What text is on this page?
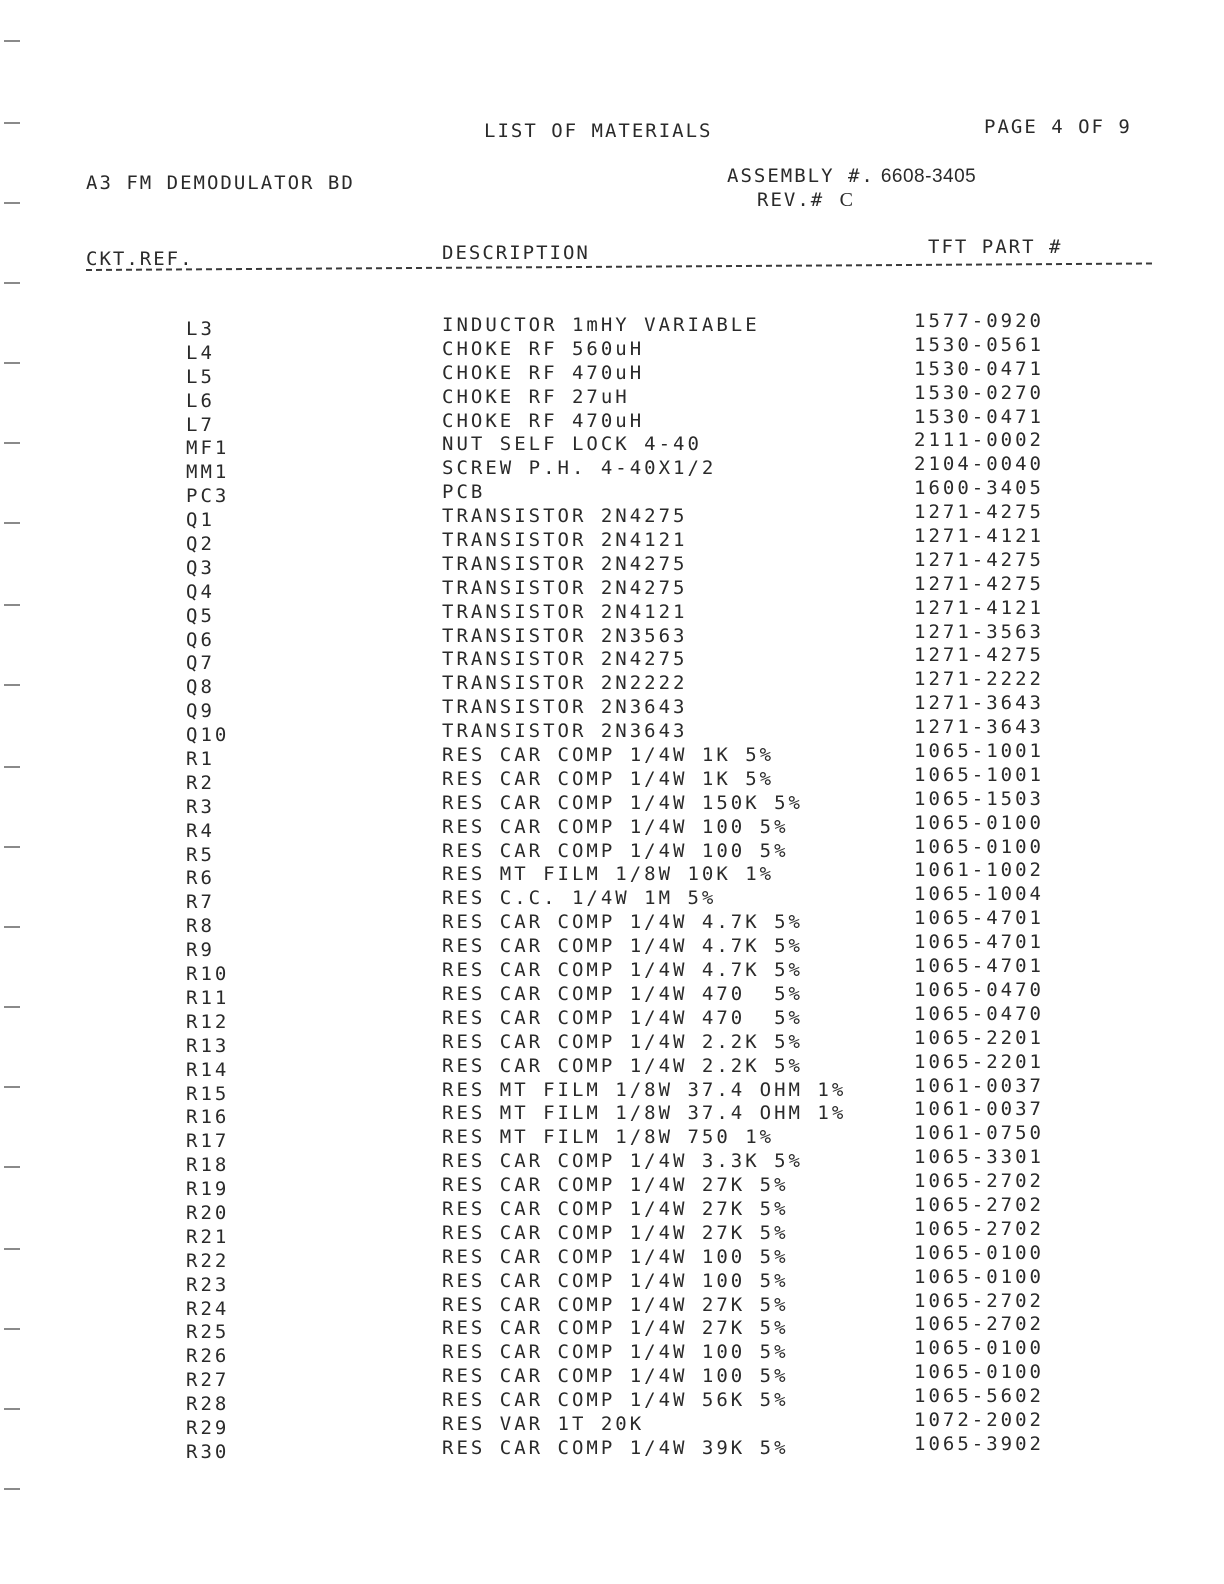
LIST OF MATERIALS	PAGE 4 OF 9
A3 FM DEMODULATOR BD	ASSEMBLY #. 6608-3405
REV.# C
CKT.REF.	DESCRIPTION	TFT PART #
L3	INDUCTOR 1mHY VARIABLE	1577-0920
L4	CHOKE RF 560uH	1530-0561
L5	CHOKE RF 470uH	1530-0471
L6	CHOKE RF 27uH	1530-0270
L7	CHOKE RF 470uH	1530-0471
MF1	NUT SELF LOCK 4-40	2111-0002
MM1	SCREW P.H. 4-40X1/2	2104-0040
PC3	PCB	1600-3405
Q1	TRANSISTOR 2N4275	1271-4275
Q2	TRANSISTOR 2N4121	1271-4121
Q3	TRANSISTOR 2N4275	1271-4275
Q4	TRANSISTOR 2N4275	1271-4275
Q5	TRANSISTOR 2N4121	1271-4121
Q6	TRANSISTOR 2N3563	1271-3563
Q7	TRANSISTOR 2N4275	1271-4275
Q8	TRANSISTOR 2N2222	1271-2222
Q9	TRANSISTOR 2N3643	1271-3643
Q10	TRANSISTOR 2N3643	1271-3643
R1	RES CAR COMP 1/4W 1K 5%	1065-1001
R2	RES CAR COMP 1/4W 1K 5%	1065-1001
R3	RES CAR COMP 1/4W 150K 5%	1065-1503
R4	RES CAR COMP 1/4W 100 5%	1065-0100
R5	RES CAR COMP 1/4W 100 5%	1065-0100
R6	RES MT FILM 1/8W 10K 1%	1061-1002
R7	RES C.C. 1/4W 1M 5%	1065-1004
R8	RES CAR COMP 1/4W 4.7K 5%	1065-4701
R9	RES CAR COMP 1/4W 4.7K 5%	1065-4701
R10	RES CAR COMP 1/4W 4.7K 5%	1065-4701
R11	RES CAR COMP 1/4W 470  5%	1065-0470
R12	RES CAR COMP 1/4W 470  5%	1065-0470
R13	RES CAR COMP 1/4W 2.2K 5%	1065-2201
R14	RES CAR COMP 1/4W 2.2K 5%	1065-2201
R15	RES MT FILM 1/8W 37.4 OHM 1%	1061-0037
R16	RES MT FILM 1/8W 37.4 OHM 1%	1061-0037
R17	RES MT FILM 1/8W 750 1%	1061-0750
R18	RES CAR COMP 1/4W 3.3K 5%	1065-3301
R19	RES CAR COMP 1/4W 27K 5%	1065-2702
R20	RES CAR COMP 1/4W 27K 5%	1065-2702
R21	RES CAR COMP 1/4W 27K 5%	1065-2702
R22	RES CAR COMP 1/4W 100 5%	1065-0100
R23	RES CAR COMP 1/4W 100 5%	1065-0100
R24	RES CAR COMP 1/4W 27K 5%	1065-2702
R25	RES CAR COMP 1/4W 27K 5%	1065-2702
R26	RES CAR COMP 1/4W 100 5%	1065-0100
R27	RES CAR COMP 1/4W 100 5%	1065-0100
R28	RES CAR COMP 1/4W 56K 5%	1065-5602
R29	RES VAR 1T 20K	1072-2002
R30	RES CAR COMP 1/4W 39K 5%	1065-3902
